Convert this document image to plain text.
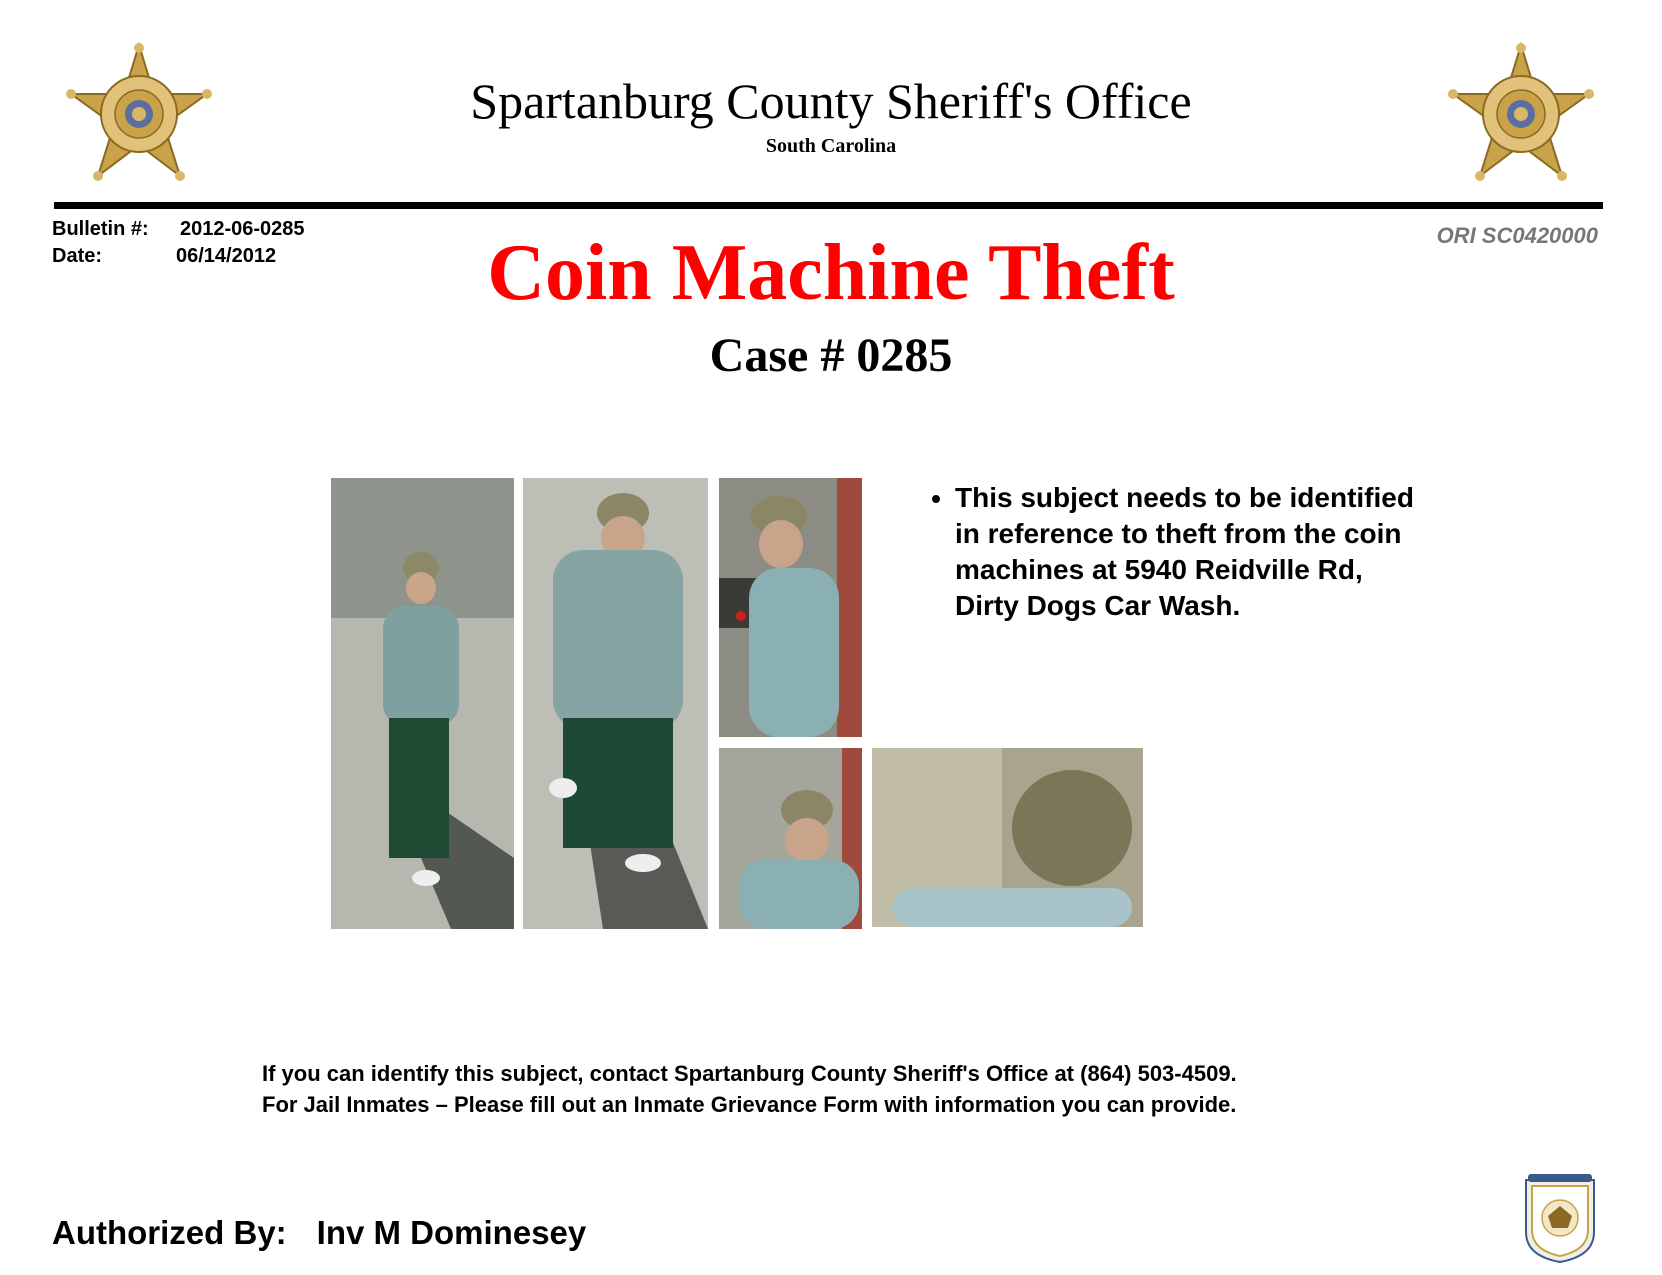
Spartanburg County Sheriff's Office
South Carolina
Bulletin #: 2012-06-0285
Date:	06/14/2012
ORI SC0420000
Coin Machine Theft
Case # 0285
• This subject needs to be identified in reference to theft from the coin machines at 5940 Reidville Rd, Dirty Dogs Car Wash.
If you can identify this subject, contact Spartanburg County Sheriff's Office at (864) 503-4509.
For Jail Inmates – Please fill out an Inmate Grievance Form with information you can provide.
Authorized By: Inv M Dominesey
